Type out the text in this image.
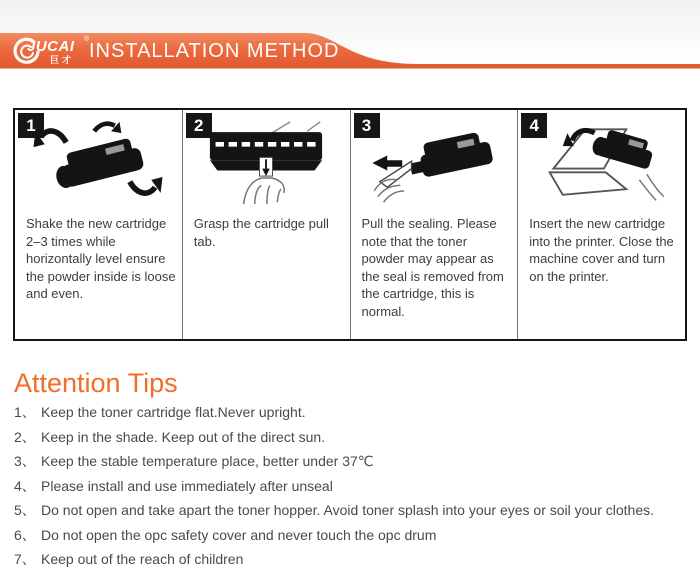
JUCAI ®
巨才 INSTALLATION METHOD
1
Shake the new cartridge 2–3 times while horizontally level ensure the powder inside is loose and even.
2
Grasp the cartridge pull tab.
3
Pull the sealing. Please note that the toner powder may appear as the seal is removed from the cartridge, this is normal.
4
Insert the new cartridge into the printer. Close the machine cover and turn on the printer.
Attention Tips
1、 Keep the toner cartridge flat.Never upright.
2、 Keep in the shade. Keep out of the direct sun.
3、 Keep the stable temperature place, better under 37℃
4、 Please install and use immediately after unseal
5、 Do not open and take apart the toner hopper. Avoid toner splash into your eyes or soil your clothes.
6、 Do not open the opc safety cover and never touch the opc drum
7、 Keep out of the reach of children
